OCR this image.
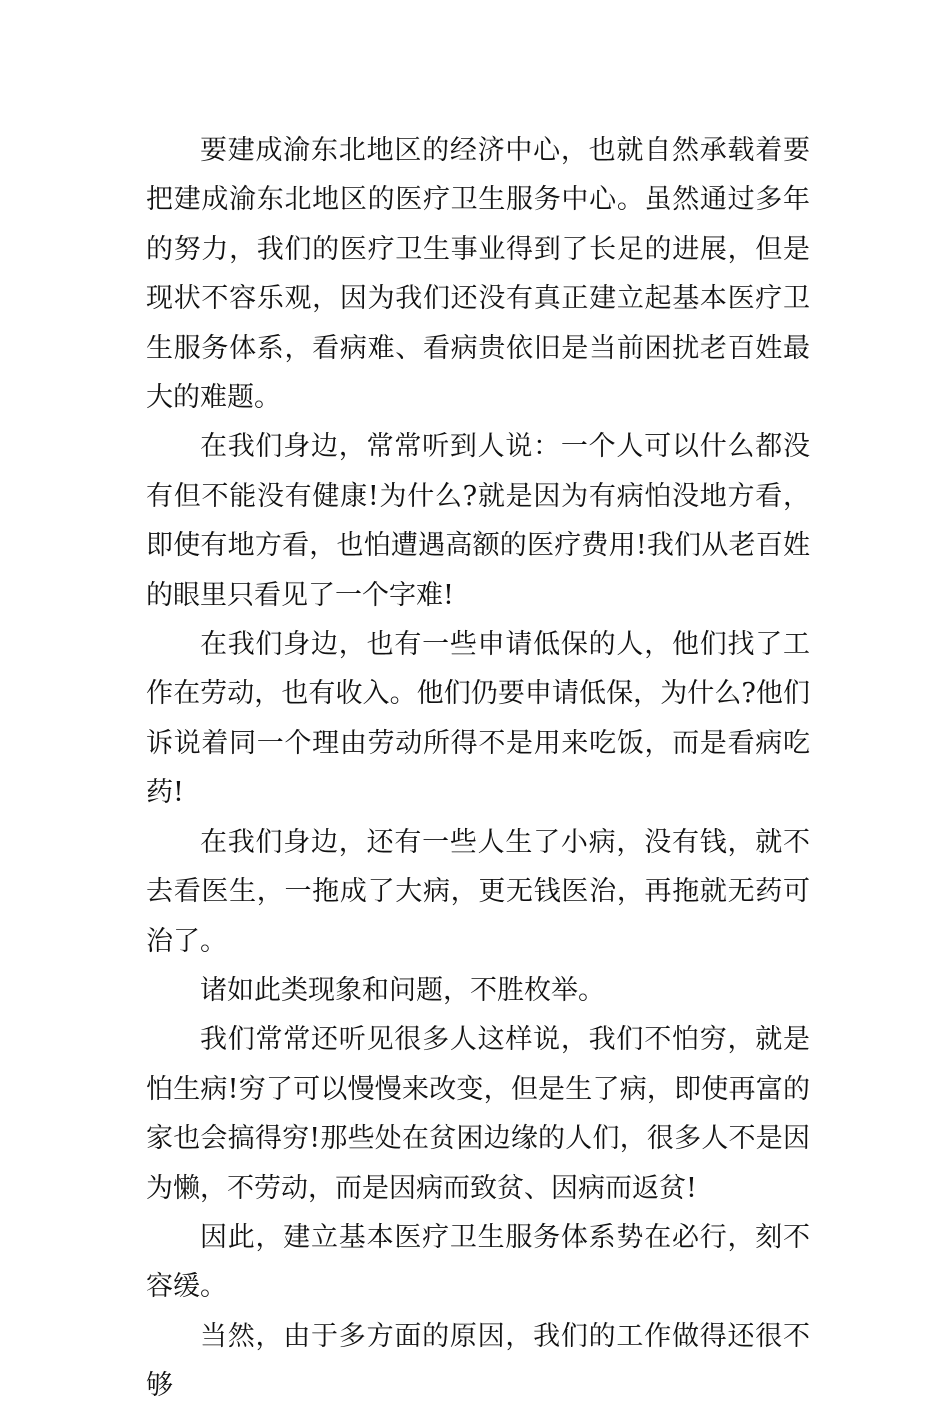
要建成渝东北地区的经济中心，也就自然承载着要把建成渝东北地区的医疗卫生服务中心。虽然通过多年的努力，我们的医疗卫生事业得到了长足的进展，但是现状不容乐观，因为我们还没有真正建立起基本医疗卫生服务体系，看病难、看病贵依旧是当前困扰老百姓最大的难题。

在我们身边，常常听到人说：一个人可以什么都没有但不能没有健康!为什么?就是因为有病怕没地方看，即使有地方看，也怕遭遇高额的医疗费用!我们从老百姓的眼里只看见了一个字难!

在我们身边，也有一些申请低保的人，他们找了工作在劳动，也有收入。他们仍要申请低保，为什么?他们诉说着同一个理由劳动所得不是用来吃饭，而是看病吃药!

在我们身边，还有一些人生了小病，没有钱，就不去看医生，一拖成了大病，更无钱医治，再拖就无药可治了。

诸如此类现象和问题，不胜枚举。

我们常常还听见很多人这样说，我们不怕穷，就是怕生病!穷了可以慢慢来改变，但是生了病，即使再富的家也会搞得穷!那些处在贫困边缘的人们，很多人不是因为懒，不劳动，而是因病而致贫、因病而返贫!

因此，建立基本医疗卫生服务体系势在必行，刻不容缓。

当然，由于多方面的原因，我们的工作做得还很不够
